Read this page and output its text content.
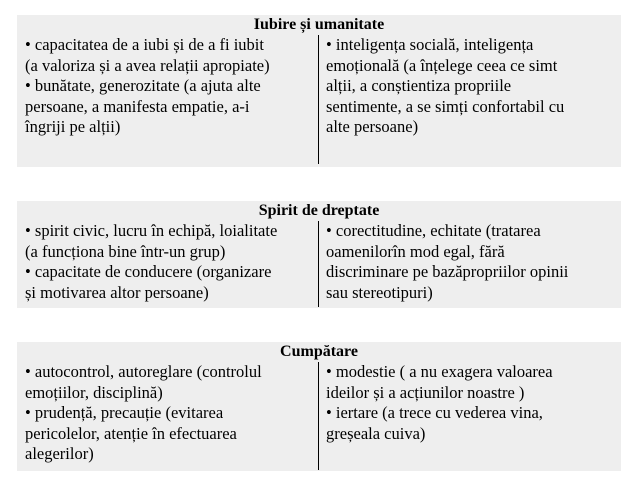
Iubire și umanitate
• capacitatea de a iubi și de a fi iubit
(a valoriza și a avea relații apropiate)
• bunătate, generozitate (a ajuta alte
persoane, a manifesta empatie, a-i
îngriji pe alții)
• inteligența socială, inteligența
emoțională (a înțelege ceea ce simt
alții, a conștientiza propriile
sentimente, a se simți confortabil cu
alte persoane)
Spirit de dreptate
• spirit civic, lucru în echipă, loialitate
(a funcționa bine într-un grup)
• capacitate de conducere (organizare
și motivarea altor persoane)
• corectitudine, echitate (tratarea
oamenilorîn mod egal, fără
discriminare pe bazăpropriilor opinii
sau stereotipuri)
Cumpătare
• autocontrol, autoreglare (controlul
emoțiilor, disciplină)
• prudență, precauție (evitarea
pericolelor, atenție în efectuarea
alegerilor)
• modestie ( a nu exagera valoarea
ideilor și a acțiunilor noastre )
• iertare (a trece cu vederea vina,
greșeala cuiva)
